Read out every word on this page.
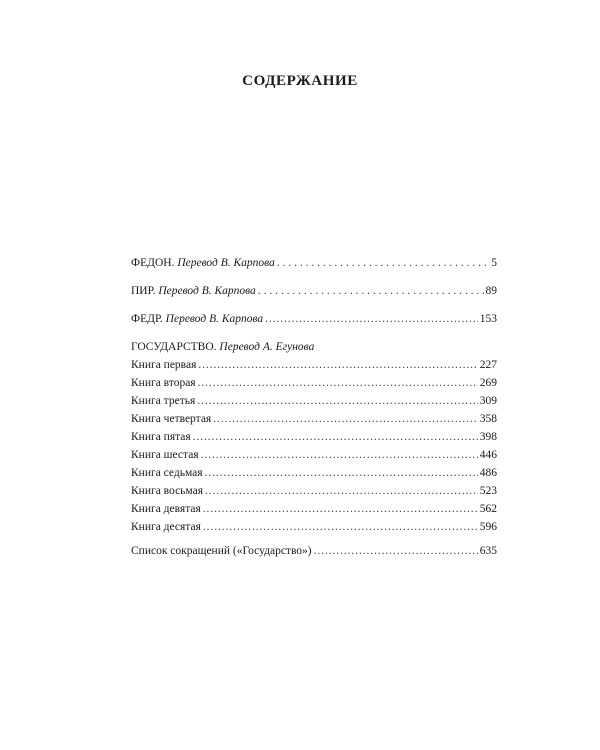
СОДЕРЖАНИЕ
ФЕДОН. Перевод В. Карпова . . .	5
ПИР. Перевод В. Карпова . . .	89
ФЕДР. Перевод В. Карпова .....	153
ГОСУДАРСТВО. Перевод А. Егунова
Книга первая .....	227
Книга вторая .....	269
Книга третья .....	309
Книга четвертая .....	358
Книга пятая .....	398
Книга шестая .....	446
Книга седьмая .....	486
Книга восьмая .....	523
Книга девятая .....	562
Книга десятая .....	596
Список сокращений («Государство») .....	635
